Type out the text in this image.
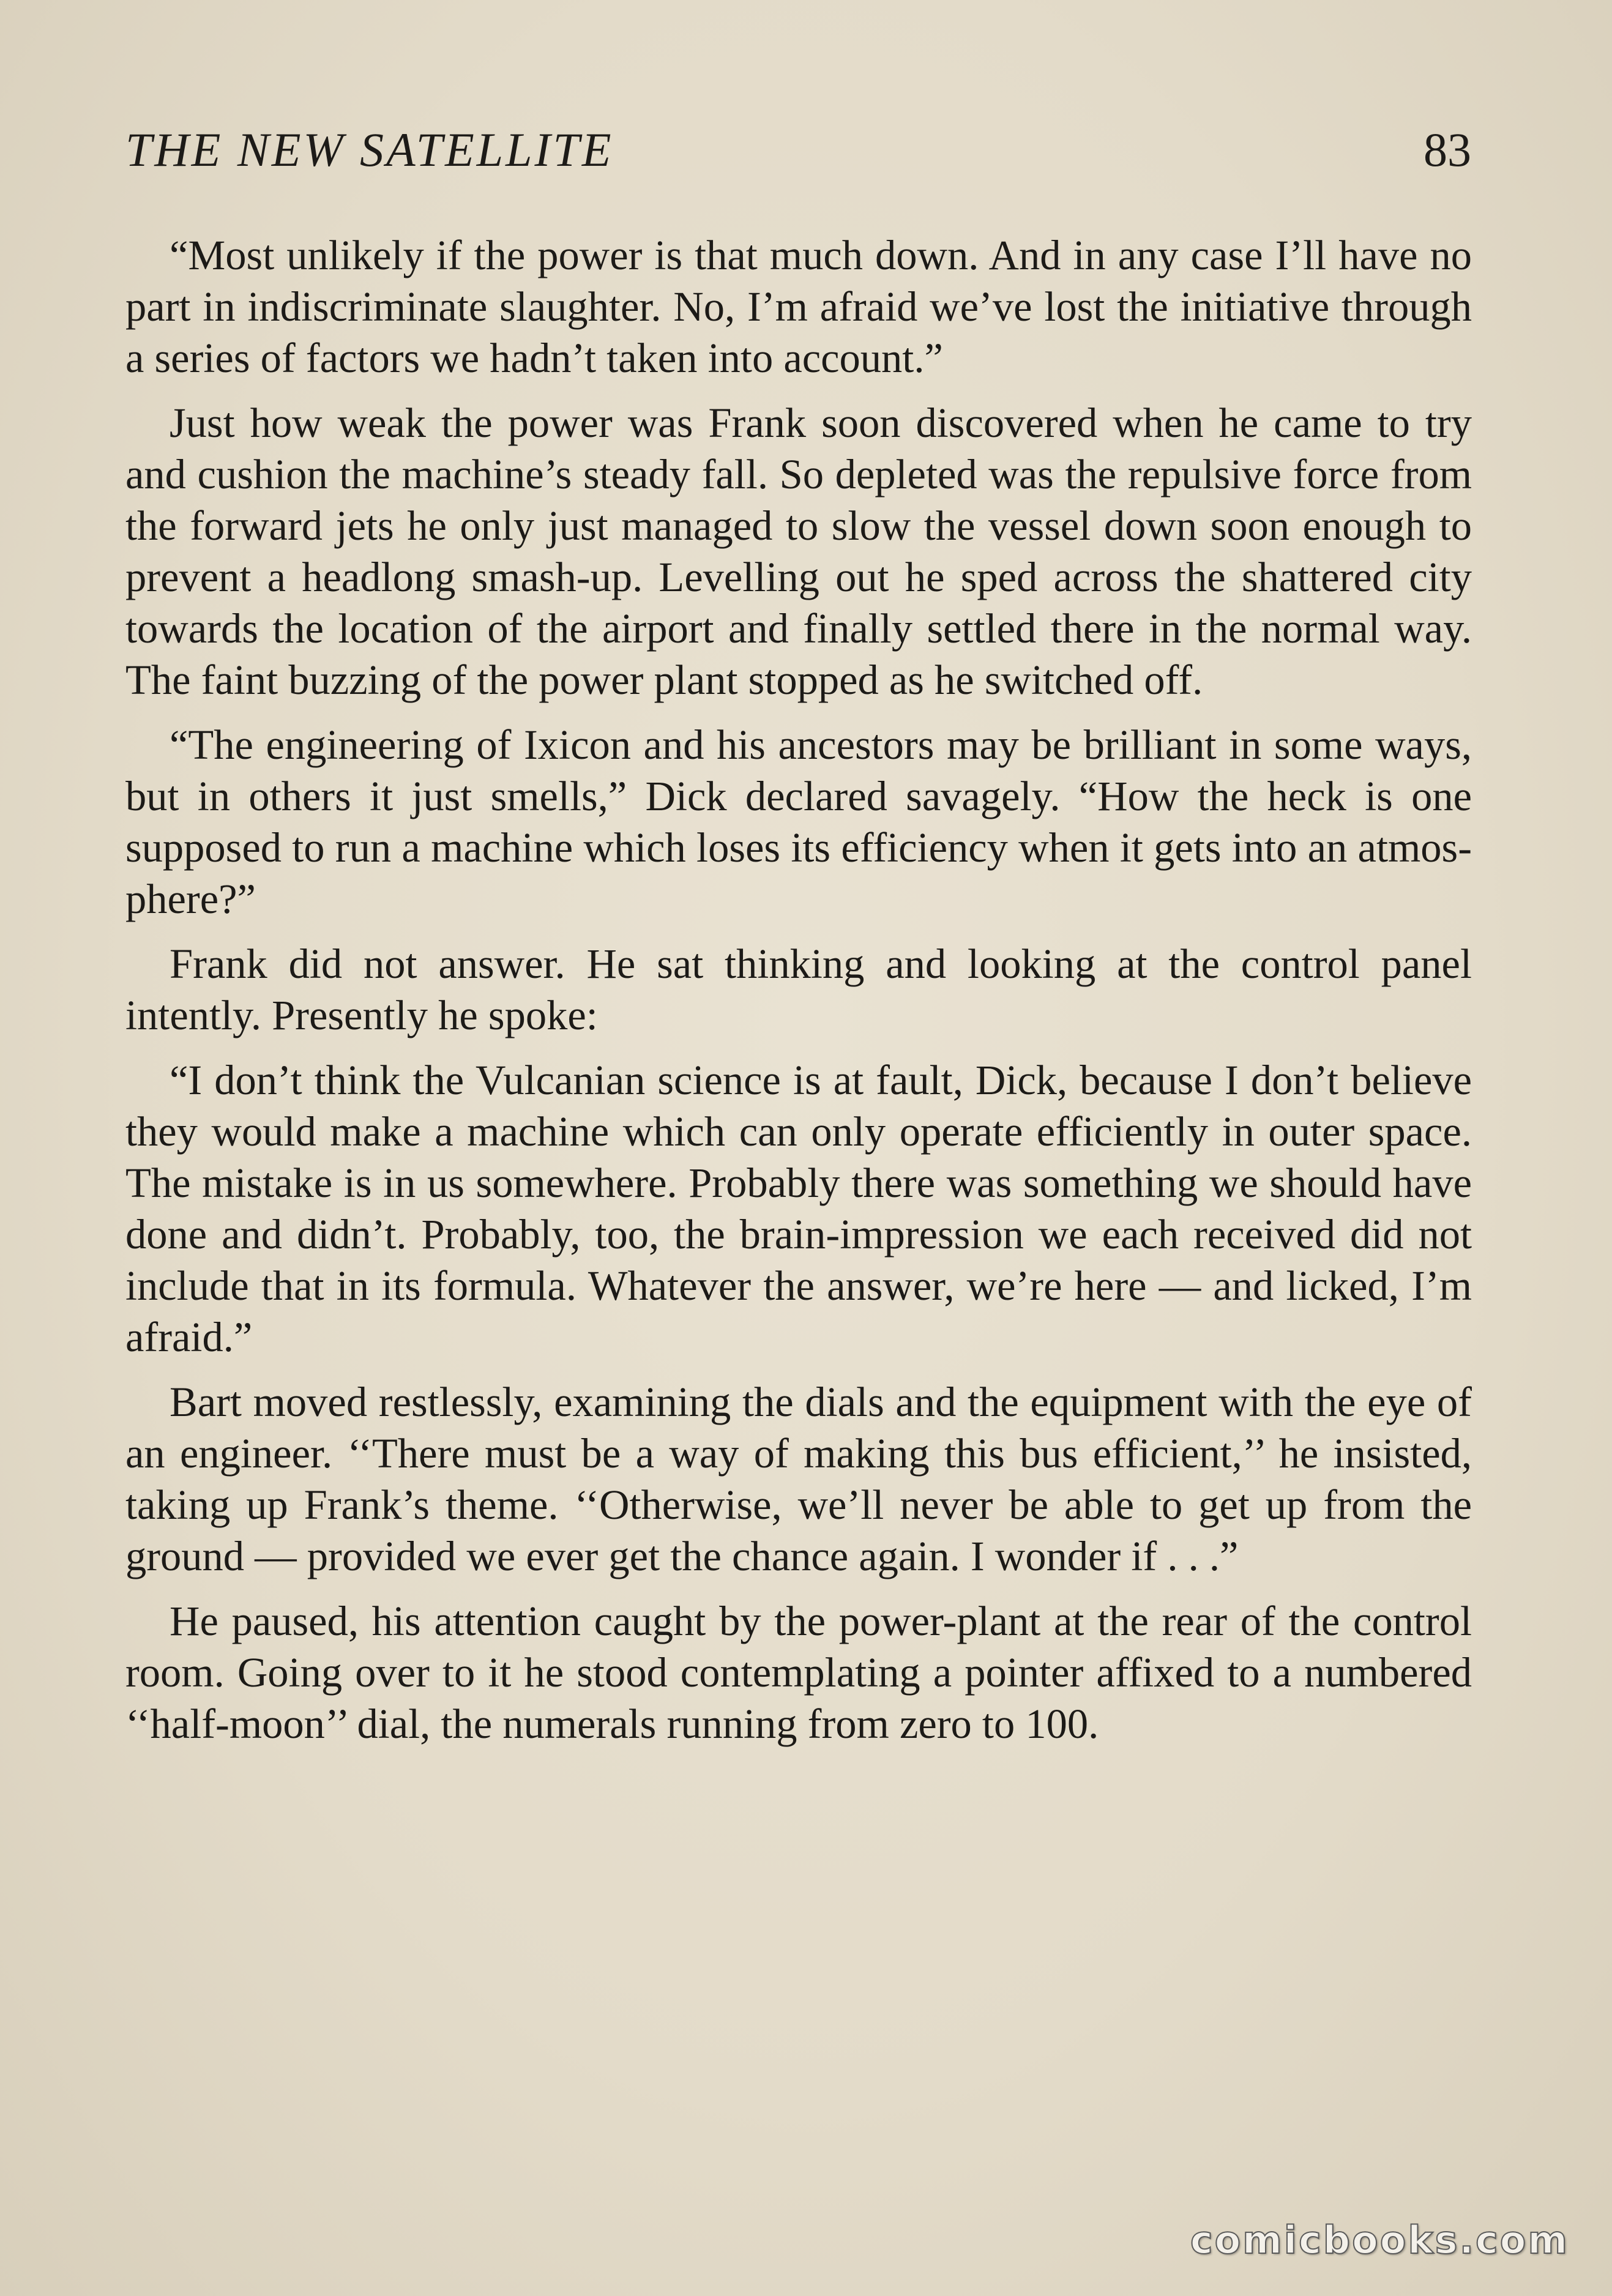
THE NEW SATELLITE	83

“Most unlikely if the power is that much down. And in any case I’ll have no part in indiscriminate slaughter. No, I’m afraid we’ve lost the initiative through a series of factors we hadn’t taken into account.”

Just how weak the power was Frank soon discovered when he came to try and cushion the machine’s steady fall. So depleted was the repulsive force from the forward jets he only just managed to slow the vessel down soon enough to prevent a headlong smash-up. Levelling out he sped across the shattered city towards the location of the airport and finally settled there in the normal way. The faint buzzing of the power plant stopped as he switched off.

“The engineering of Ixicon and his ancestors may be brilliant in some ways, but in others it just smells,” Dick declared savagely. “How the heck is one supposed to run a machine which loses its efficiency when it gets into an atmosphere?”

Frank did not answer. He sat thinking and looking at the control panel intently. Presently he spoke:

“I don’t think the Vulcanian science is at fault, Dick, because I don’t believe they would make a machine which can only operate efficiently in outer space. The mistake is in us somewhere. Probably there was something we should have done and didn’t. Probably, too, the brain-impression we each received did not include that in its formula. Whatever the answer, we’re here — and licked, I’m afraid.”

Bart moved restlessly, examining the dials and the equipment with the eye of an engineer. ‘‘There must be a way of making this bus efficient,’’ he insisted, taking up Frank’s theme. ‘‘Otherwise, we’ll never be able to get up from the ground — provided we ever get the chance again. I wonder if . . .”

He paused, his attention caught by the power-plant at the rear of the control room. Going over to it he stood contemplating a pointer affixed to a numbered ‘‘half-moon’’ dial, the numerals running from zero to 100.

comicbooks.com
